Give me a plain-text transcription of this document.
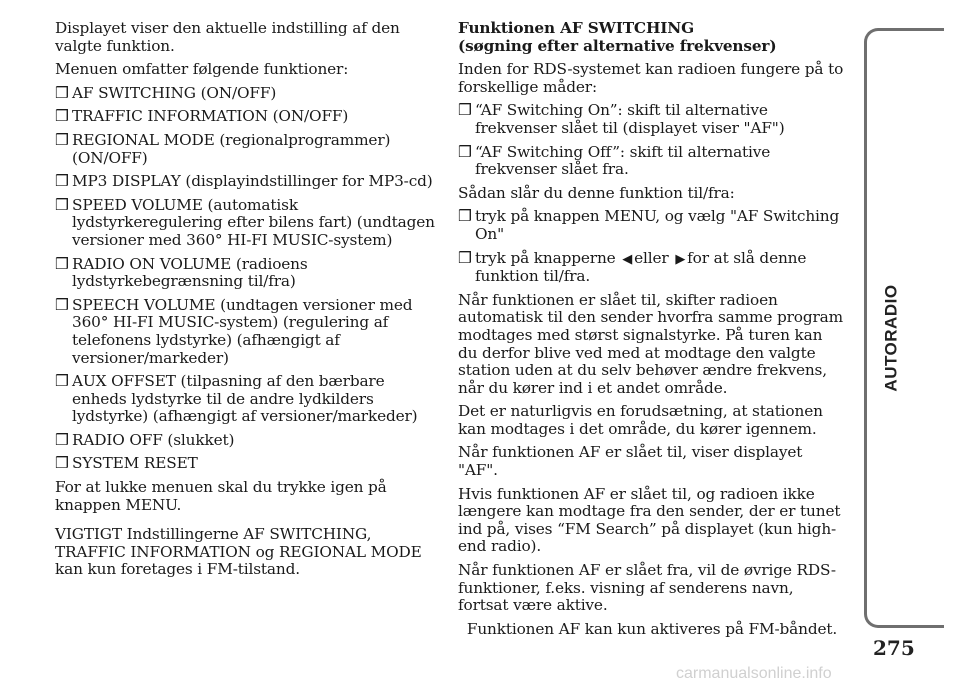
Displayet viser den aktuelle indstilling af den valgte funktion.

Menuen omfatter følgende funktioner:

❒ AF SWITCHING (ON/OFF)

❒ TRAFFIC INFORMATION (ON/OFF)

❒ REGIONAL MODE (regionalprogrammer) (ON/OFF)

❒ MP3 DISPLAY (displayindstillinger for MP3-cd)

❒ SPEED VOLUME (automatisk lydstyrkeregulering efter bilens fart) (undtagen versioner med 360° HI-FI MUSIC-system)

❒ RADIO ON VOLUME (radioens lydstyrkebegrænsning til/fra)

❒ SPEECH VOLUME (undtagen versioner med 360° HI-FI MUSIC-system) (regulering af telefonens lydstyrke) (afhængigt af versioner/markeder)

❒ AUX OFFSET (tilpasning af den bærbare enheds lydstyrke til de andre lydkilders lydstyrke) (afhængigt af versioner/markeder)

❒ RADIO OFF (slukket)

❒ SYSTEM RESET

For at lukke menuen skal du trykke igen på knappen MENU.

VIGTIGT Indstillingerne AF SWITCHING, TRAFFIC INFORMATION og REGIONAL MODE kan kun foretages i FM-tilstand.

Funktionen AF SWITCHING

(søgning efter alternative frekvenser)

Inden for RDS-systemet kan radioen fungere på to forskellige måder:

❒ “AF Switching On”: skift til alternative frekvenser slået til (displayet viser "AF")

❒ “AF Switching Off”: skift til alternative frekvenser slået fra.

Sådan slår du denne funktion til/fra:

❒ tryk på knappen MENU, og vælg "AF Switching On"

❒ tryk på knapperne ◀ eller ▶ for at slå denne funktion til/fra.

Når funktionen er slået til, skifter radioen automatisk til den sender hvorfra samme program modtages med størst signalstyrke. På turen kan du derfor blive ved med at modtage den valgte station uden at du selv behøver ændre frekvens, når du kører ind i et andet område.

Det er naturligvis en forudsætning, at stationen kan modtages i det område, du kører igennem.

Når funktionen AF er slået til, viser displayet "AF".

Hvis funktionen AF er slået til, og radioen ikke længere kan modtage fra den sender, der er tunet ind på, vises “FM Search” på displayet (kun high-end radio).

Når funktionen AF er slået fra, vil de øvrige RDS-funktioner, f.eks. visning af senderens navn, fortsat være aktive.

Funktionen AF kan kun aktiveres på FM-båndet.

AUTORADIO
275
carmanualsonline.info
